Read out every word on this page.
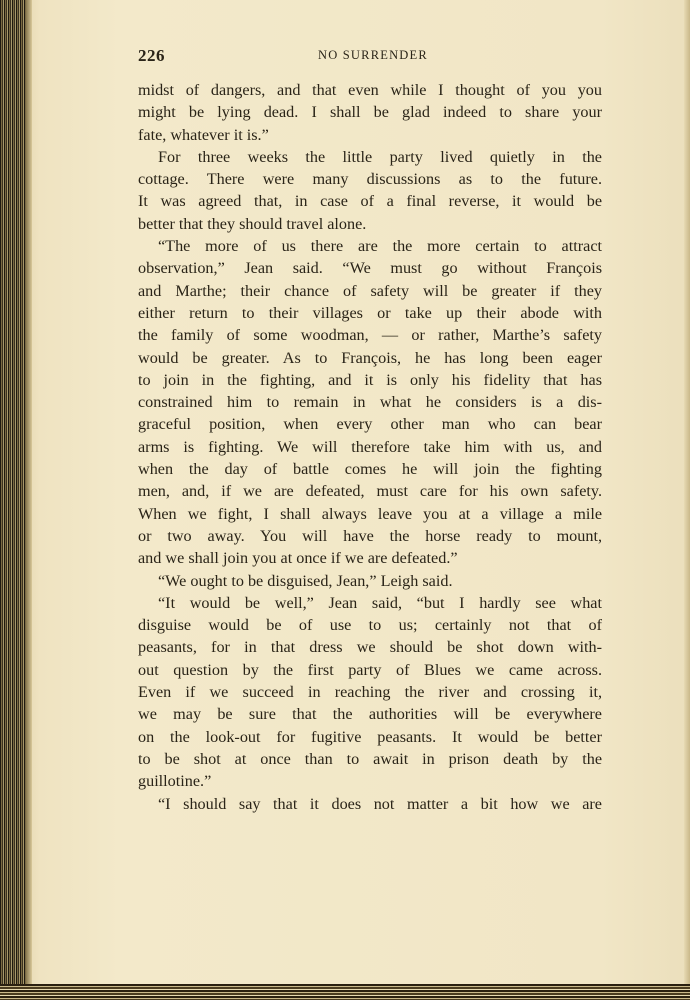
226	NO SURRENDER
midst of dangers, and that even while I thought of you you
might be lying dead. I shall be glad indeed to share your
fate, whatever it is.”
For three weeks the little party lived quietly in the
cottage. There were many discussions as to the future.
It was agreed that, in case of a final reverse, it would be
better that they should travel alone.
“The more of us there are the more certain to attract
observation,” Jean said. “We must go without François
and Marthe; their chance of safety will be greater if they
either return to their villages or take up their abode with
the family of some woodman, — or rather, Marthe’s safety
would be greater. As to François, he has long been eager
to join in the fighting, and it is only his fidelity that has
constrained him to remain in what he considers is a dis-
graceful position, when every other man who can bear
arms is fighting. We will therefore take him with us, and
when the day of battle comes he will join the fighting
men, and, if we are defeated, must care for his own safety.
When we fight, I shall always leave you at a village a mile
or two away. You will have the horse ready to mount,
and we shall join you at once if we are defeated.”
“We ought to be disguised, Jean,” Leigh said.
“It would be well,” Jean said, “but I hardly see what
disguise would be of use to us; certainly not that of
peasants, for in that dress we should be shot down with-
out question by the first party of Blues we came across.
Even if we succeed in reaching the river and crossing it,
we may be sure that the authorities will be everywhere
on the look-out for fugitive peasants. It would be better
to be shot at once than to await in prison death by the
guillotine.”
“I should say that it does not matter a bit how we are
